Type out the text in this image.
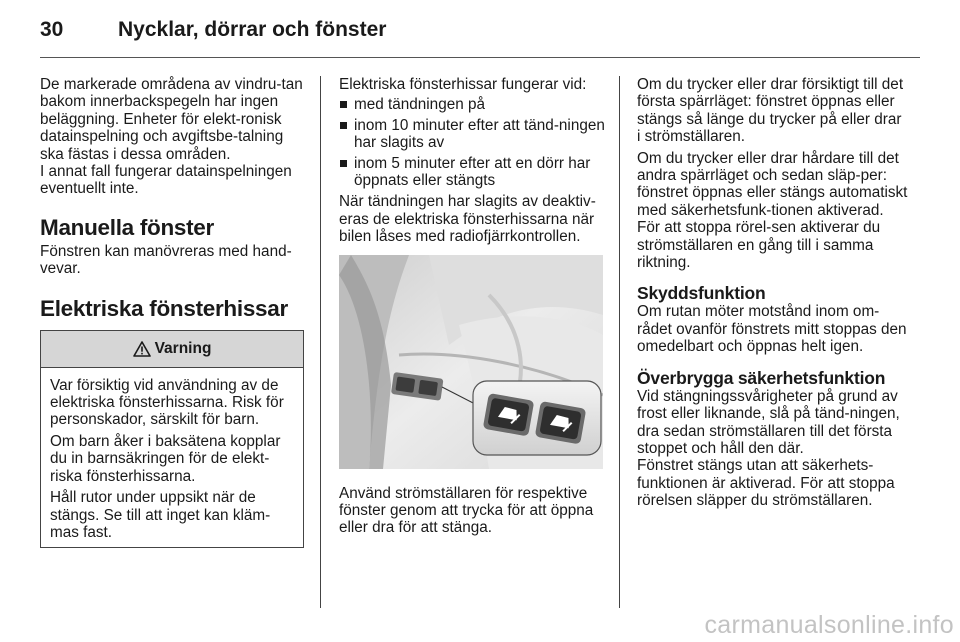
30	Nycklar, dörrar och fönster

De markerade områdena av vindru-tan bakom innerbackspegeln har ingen beläggning. Enheter för elekt-ronisk datainspelning och avgiftsbe-talning ska fästas i dessa områden.

I annat fall fungerar datainspelningen eventuellt inte.

Manuella fönster

Fönstren kan manövreras med hand-vevar.

Elektriska fönsterhissar
Varning

Var försiktig vid användning av de elektriska fönsterhissarna. Risk för personskador, särskilt för barn.

Om barn åker i baksätena kopplar du in barnsäkringen för de elekt-riska fönsterhissarna.

Håll rutor under uppsikt när de stängs. Se till att inget kan kläm-mas fast.

Elektriska fönsterhissar fungerar vid:

med tändningen på
inom 10 minuter efter att tänd-ningen har slagits av
inom 5 minuter efter att en dörr har öppnats eller stängts

När tändningen har slagits av deaktiv-eras de elektriska fönsterhissarna när bilen låses med radiofjärrkontrollen.

Använd strömställaren för respektive fönster genom att trycka för att öppna eller dra för att stänga.

Om du trycker eller drar försiktigt till det första spärrläget: fönstret öppnas eller stängs så länge du trycker på eller drar i strömställaren.

Om du trycker eller drar hårdare till det andra spärrläget och sedan släp-per: fönstret öppnas eller stängs automatiskt med säkerhetsfunk-tionen aktiverad. För att stoppa rörel-sen aktiverar du strömställaren en gång till i samma riktning.

Skyddsfunktion

Om rutan möter motstånd inom om-rådet ovanför fönstrets mitt stoppas den omedelbart och öppnas helt igen.

Överbrygga säkerhetsfunktion

Vid stängningssvårigheter på grund av frost eller liknande, slå på tänd-ningen, dra sedan strömställaren till det första stoppet och håll den där.

Fönstret stängs utan att säkerhets-funktionen är aktiverad. För att stoppa rörelsen släpper du strömställaren.

carmanualsonline.info
